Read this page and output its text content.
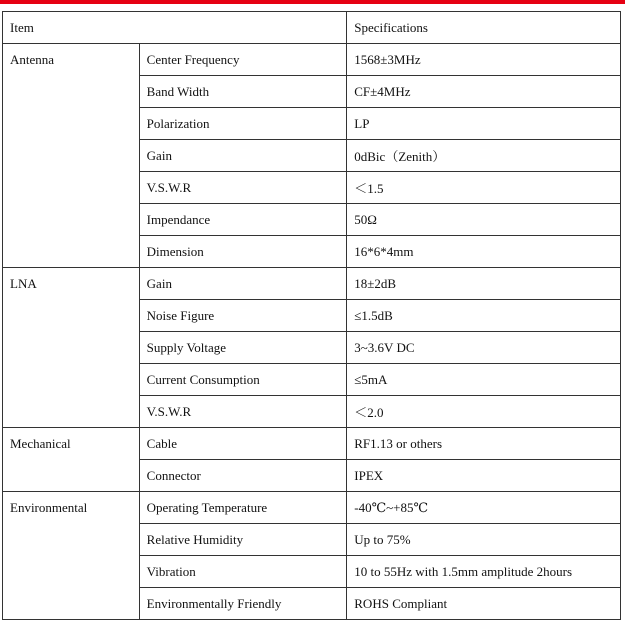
Item		Specifications
Antenna	Center Frequency	1568±3MHz
	Band Width	CF±4MHz
	Polarization	LP
	Gain	0dBic（Zenith）
	V.S.W.R	＜1.5
	Impendance	50Ω
	Dimension	16*6*4mm
LNA	Gain	18±2dB
	Noise Figure	≤1.5dB
	Supply Voltage	3~3.6V DC
	Current Consumption	≤5mA
	V.S.W.R	＜2.0
Mechanical	Cable	RF1.13 or others
	Connector	IPEX
Environmental	Operating Temperature	-40℃~+85℃
	Relative Humidity	Up to 75%
	Vibration	10 to 55Hz with 1.5mm amplitude 2hours
	Environmentally Friendly	ROHS Compliant
